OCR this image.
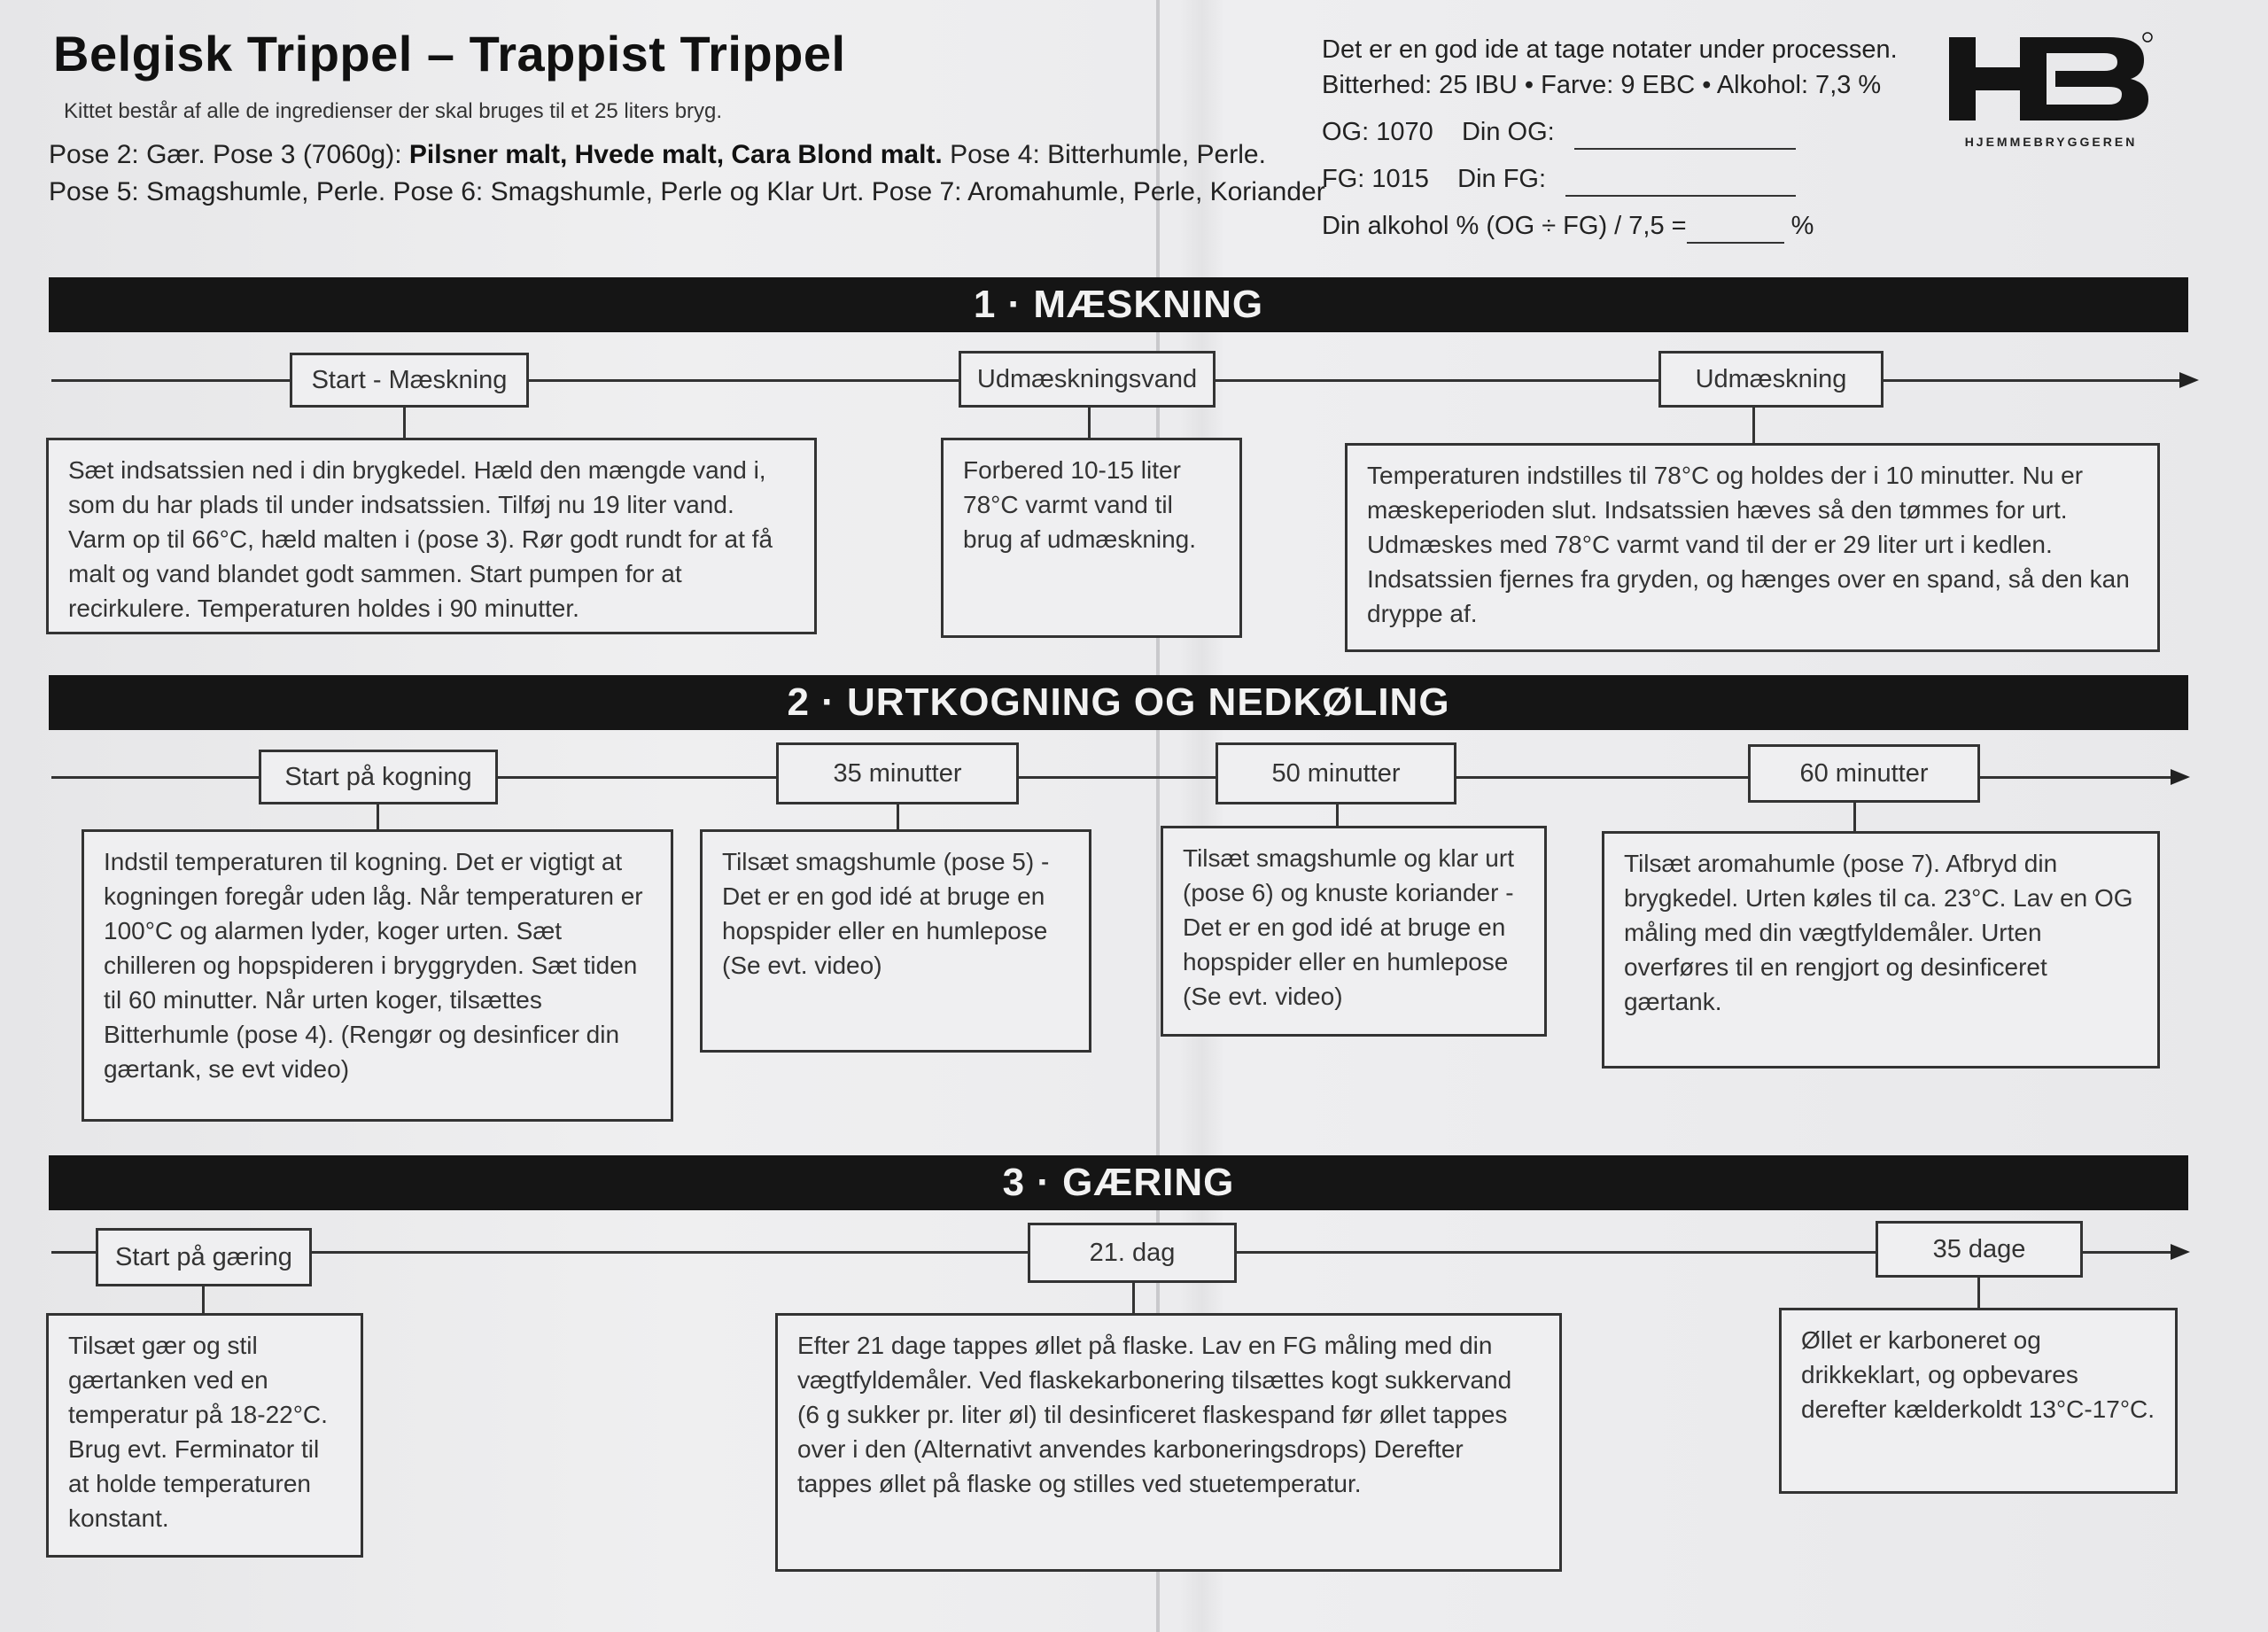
Belgisk Trippel – Trappist Trippel
Kittet består af alle de ingredienser der skal bruges til et 25 liters bryg.
Pose 2: Gær. Pose 3 (7060g): Pilsner malt, Hvede malt, Cara Blond malt. Pose 4: Bitterhumle, Perle.
Pose 5: Smagshumle, Perle. Pose 6: Smagshumle, Perle og Klar Urt. Pose 7: Aromahumle, Perle, Koriander
Det er en god ide at tage notater under processen.
Bitterhed: 25 IBU • Farve: 9 EBC • Alkohol: 7,3 %
OG: 1070 Din OG:
FG: 1015 Din FG:
Din alkohol % (OG ÷ FG) / 7,5 =	%
HJEMMEBRYGGEREN
1 · MÆSKNING
Start - Mæskning
Sæt indsatssien ned i din brygkedel. Hæld den mængde vand i, som du har plads til under indsatssien. Tilføj nu 19 liter vand. Varm op til 66°C, hæld malten i (pose 3). Rør godt rundt for at få malt og vand blandet godt sammen. Start pumpen for at recirkulere. Temperaturen holdes i 90 minutter.
Udmæskningsvand
Forbered 10-15 liter 78°C varmt vand til brug af udmæskning.
Udmæskning
Temperaturen indstilles til 78°C og holdes der i 10 minutter. Nu er mæskeperioden slut. Indsatssien hæves så den tømmes for urt. Udmæskes med 78°C varmt vand til der er 29 liter urt i kedlen. Indsatssien fjernes fra gryden, og hænges over en spand, så den kan dryppe af.
2 · URTKOGNING OG NEDKØLING
Start på kogning
Indstil temperaturen til kogning. Det er vigtigt at kogningen foregår uden låg. Når temperaturen er 100°C og alarmen lyder, koger urten. Sæt chilleren og hopspideren i bryggryden. Sæt tiden til 60 minutter. Når urten koger, tilsættes Bitterhumle (pose 4). (Rengør og desinficer din gærtank, se evt video)
35 minutter
Tilsæt smagshumle (pose 5) - Det er en god idé at bruge en hopspider eller en humlepose (Se evt. video)
50 minutter
Tilsæt smagshumle og klar urt (pose 6) og knuste koriander - Det er en god idé at bruge en hopspider eller en humlepose (Se evt. video)
60 minutter
Tilsæt aromahumle (pose 7). Afbryd din brygkedel. Urten køles til ca. 23°C. Lav en OG måling med din vægtfyldemåler. Urten overføres til en rengjort og desinficeret gærtank.
3 · GÆRING
Start på gæring
Tilsæt gær og stil gærtanken ved en temperatur på 18-22°C. Brug evt. Ferminator til at holde temperaturen konstant.
21. dag
Efter 21 dage tappes øllet på flaske. Lav en FG måling med din vægtfyldemåler. Ved flaskekarbonering tilsættes kogt sukkervand (6 g sukker pr. liter øl) til desinficeret flaskespand før øllet tappes over i den (Alternativt anvendes karboneringsdrops) Derefter tappes øllet på flaske og stilles ved stuetemperatur.
35 dage
Øllet er karboneret og drikkeklart, og opbevares derefter kælderkoldt 13°C-17°C.
